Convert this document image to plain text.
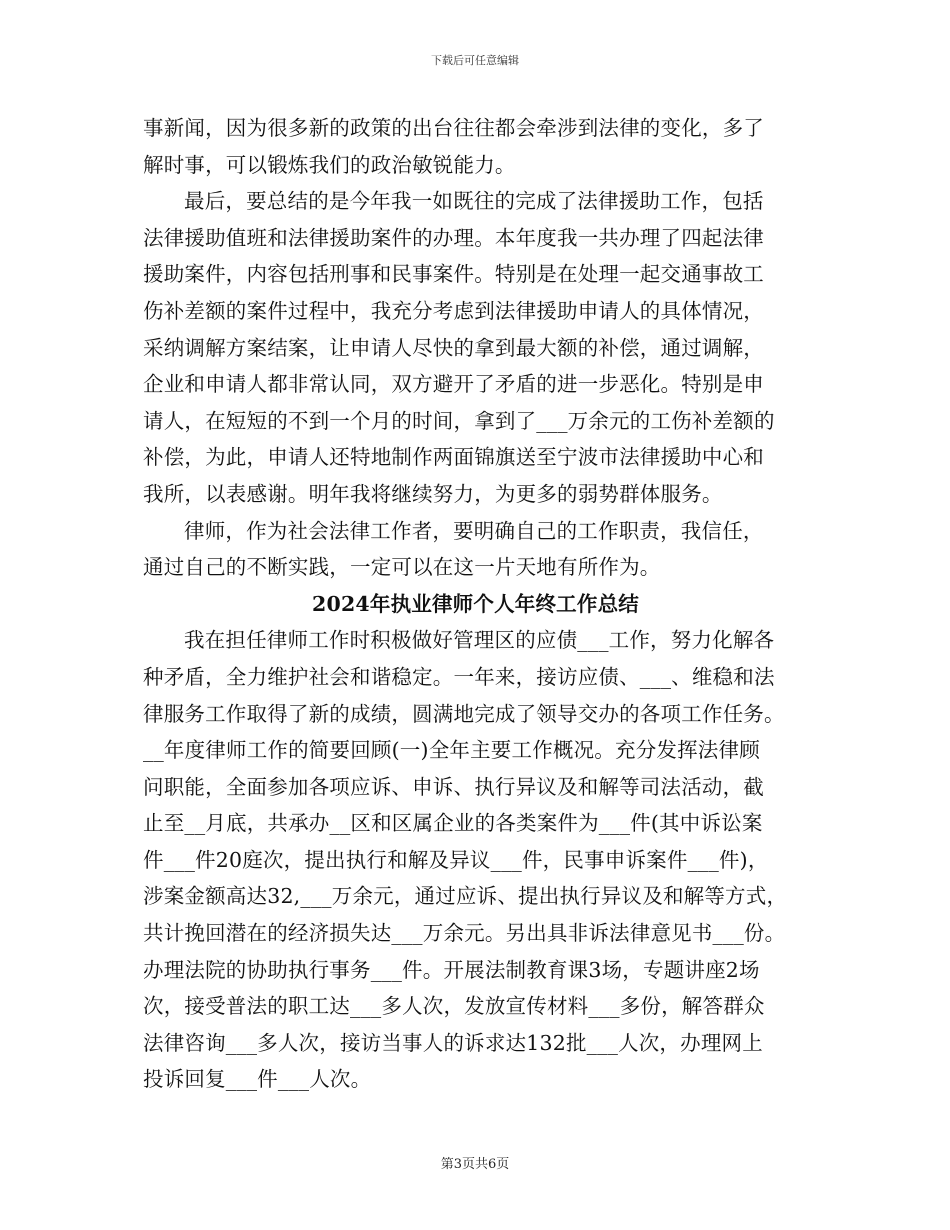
下载后可任意编辑
事新闻，因为很多新的政策的出台往往都会牵涉到法律的变化，多了
解时事，可以锻炼我们的政治敏锐能力。
最后，要总结的是今年我一如既往的完成了法律援助工作，包括
法律援助值班和法律援助案件的办理。本年度我一共办理了四起法律
援助案件，内容包括刑事和民事案件。特别是在处理一起交通事故工
伤补差额的案件过程中，我充分考虑到法律援助申请人的具体情况，
采纳调解方案结案，让申请人尽快的拿到最大额的补偿，通过调解，
企业和申请人都非常认同，双方避开了矛盾的进一步恶化。特别是申
请人，在短短的不到一个月的时间，拿到了___万余元的工伤补差额的
补偿，为此，申请人还特地制作两面锦旗送至宁波市法律援助中心和
我所，以表感谢。明年我将继续努力，为更多的弱势群体服务。
律师，作为社会法律工作者，要明确自己的工作职责，我信任，
通过自己的不断实践，一定可以在这一片天地有所作为。
2024年执业律师个人年终工作总结
我在担任律师工作时积极做好管理区的应债___工作，努力化解各
种矛盾，全力维护社会和谐稳定。一年来，接访应债、___、维稳和法
律服务工作取得了新的成绩，圆满地完成了领导交办的各项工作任务。
__年度律师工作的简要回顾(一)全年主要工作概况。充分发挥法律顾
问职能，全面参加各项应诉、申诉、执行异议及和解等司法活动，截
止至__月底，共承办__区和区属企业的各类案件为___件(其中诉讼案
件___件20庭次，提出执行和解及异议___件，民事申诉案件___件)，
涉案金额高达32,___万余元，通过应诉、提出执行异议及和解等方式，
共计挽回潜在的经济损失达___万余元。另出具非诉法律意见书___份。
办理法院的协助执行事务___件。开展法制教育课3场，专题讲座2场
次，接受普法的职工达___多人次，发放宣传材料___多份，解答群众
法律咨询___多人次，接访当事人的诉求达132批___人次，办理网上
投诉回复___件___人次。
第3页共6页
